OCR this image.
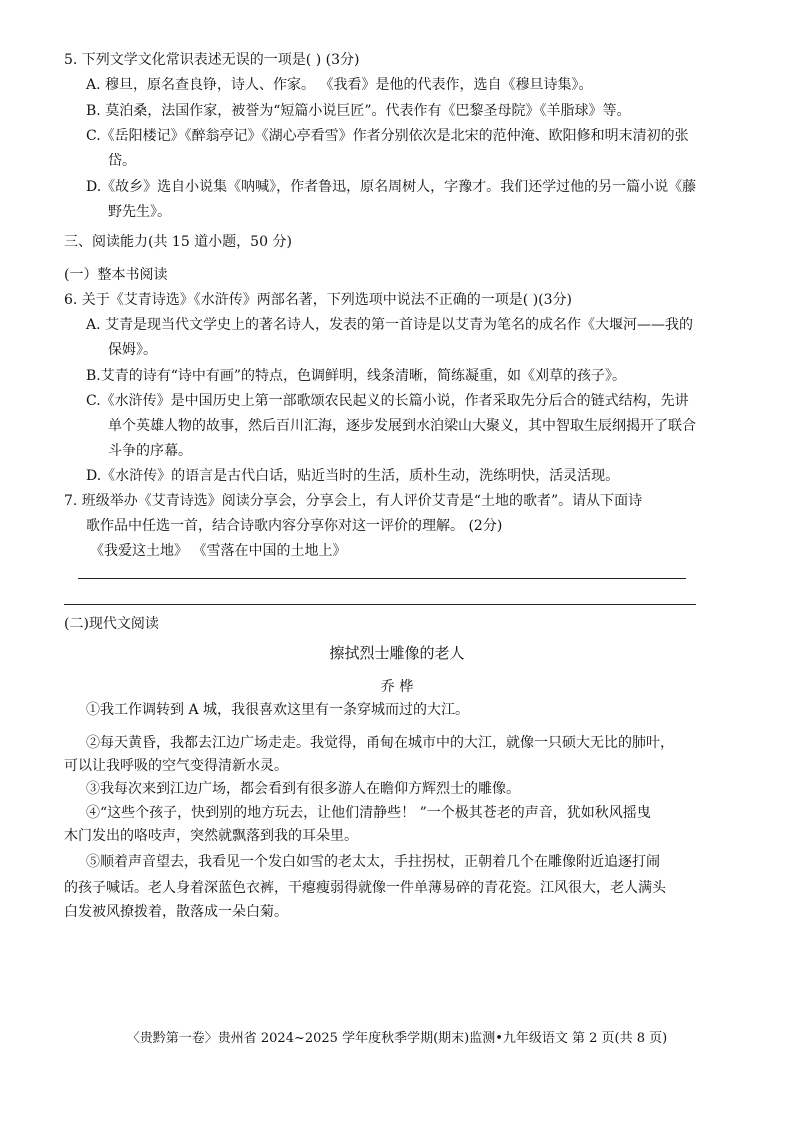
5. 下列文学文化常识表述无误的一项是( ) (3分)
A. 穆旦，原名查良铮，诗人、作家。 《我看》是他的代表作，选自《穆旦诗集》。
B. 莫泊桑，法国作家，被誉为“短篇小说巨匠”。代表作有《巴黎圣母院》《羊脂球》等。
C.《岳阳楼记》《醉翁亭记》《湖心亭看雪》作者分别依次是北宋的范仲淹、欧阳修和明末清初的张
岱。
D.《故乡》选自小说集《呐喊》，作者鲁迅，原名周树人，字豫才。我们还学过他的另一篇小说《藤
野先生》。
三、阅读能力(共 15 道小题，50 分)
(一）整本书阅读
6. 关于《艾青诗选》《水浒传》两部名著，下列选项中说法不正确的一项是( )(3分)
A. 艾青是现当代文学史上的著名诗人，发表的第一首诗是以艾青为笔名的成名作《大堰河——我的
保姆》。
B.艾青的诗有“诗中有画”的特点，色调鲜明，线条清晰，简练凝重，如《刈草的孩子》。
C.《水浒传》是中国历史上第一部歌颂农民起义的长篇小说，作者采取先分后合的链式结构，先讲
单个英雄人物的故事，然后百川汇海，逐步发展到水泊梁山大聚义，其中智取生辰纲揭开了联合
斗争的序幕。
D.《水浒传》的语言是古代白话，贴近当时的生活，质朴生动，洗练明快，活灵活现。
7. 班级举办《艾青诗选》阅读分享会，分享会上，有人评价艾青是“土地的歌者”。请从下面诗
歌作品中任选一首，结合诗歌内容分享你对这一评价的理解。 (2分)
《我爱这土地》 《雪落在中国的土地上》
(二)现代文阅读
擦拭烈士雕像的老人
乔 桦
①我工作调转到 A 城，我很喜欢这里有一条穿城而过的大江。
②每天黄昏，我都去江边广场走走。我觉得，甬甸在城市中的大江，就像一只硕大无比的肺叶，
可以让我呼吸的空气变得清新水灵。
③我每次来到江边广场，都会看到有很多游人在瞻仰方辉烈士的雕像。
④“这些个孩子，快到别的地方玩去，让他们清静些！ ”一个极其苍老的声音，犹如秋风摇曳
木门发出的咯吱声，突然就飘落到我的耳朵里。
⑤顺着声音望去，我看见一个发白如雪的老太太，手拄拐杖，正朝着几个在雕像附近追逐打闹
的孩子喊话。老人身着深蓝色衣裤，干瘪瘦弱得就像一件单薄易碎的青花瓷。江风很大，老人满头
白发被风撩拨着，散落成一朵白菊。
〈贵黔第一卷〉贵州省 2024~2025 学年度秋季学期(期末)监测•九年级语文 第 2 页(共 8 页)
